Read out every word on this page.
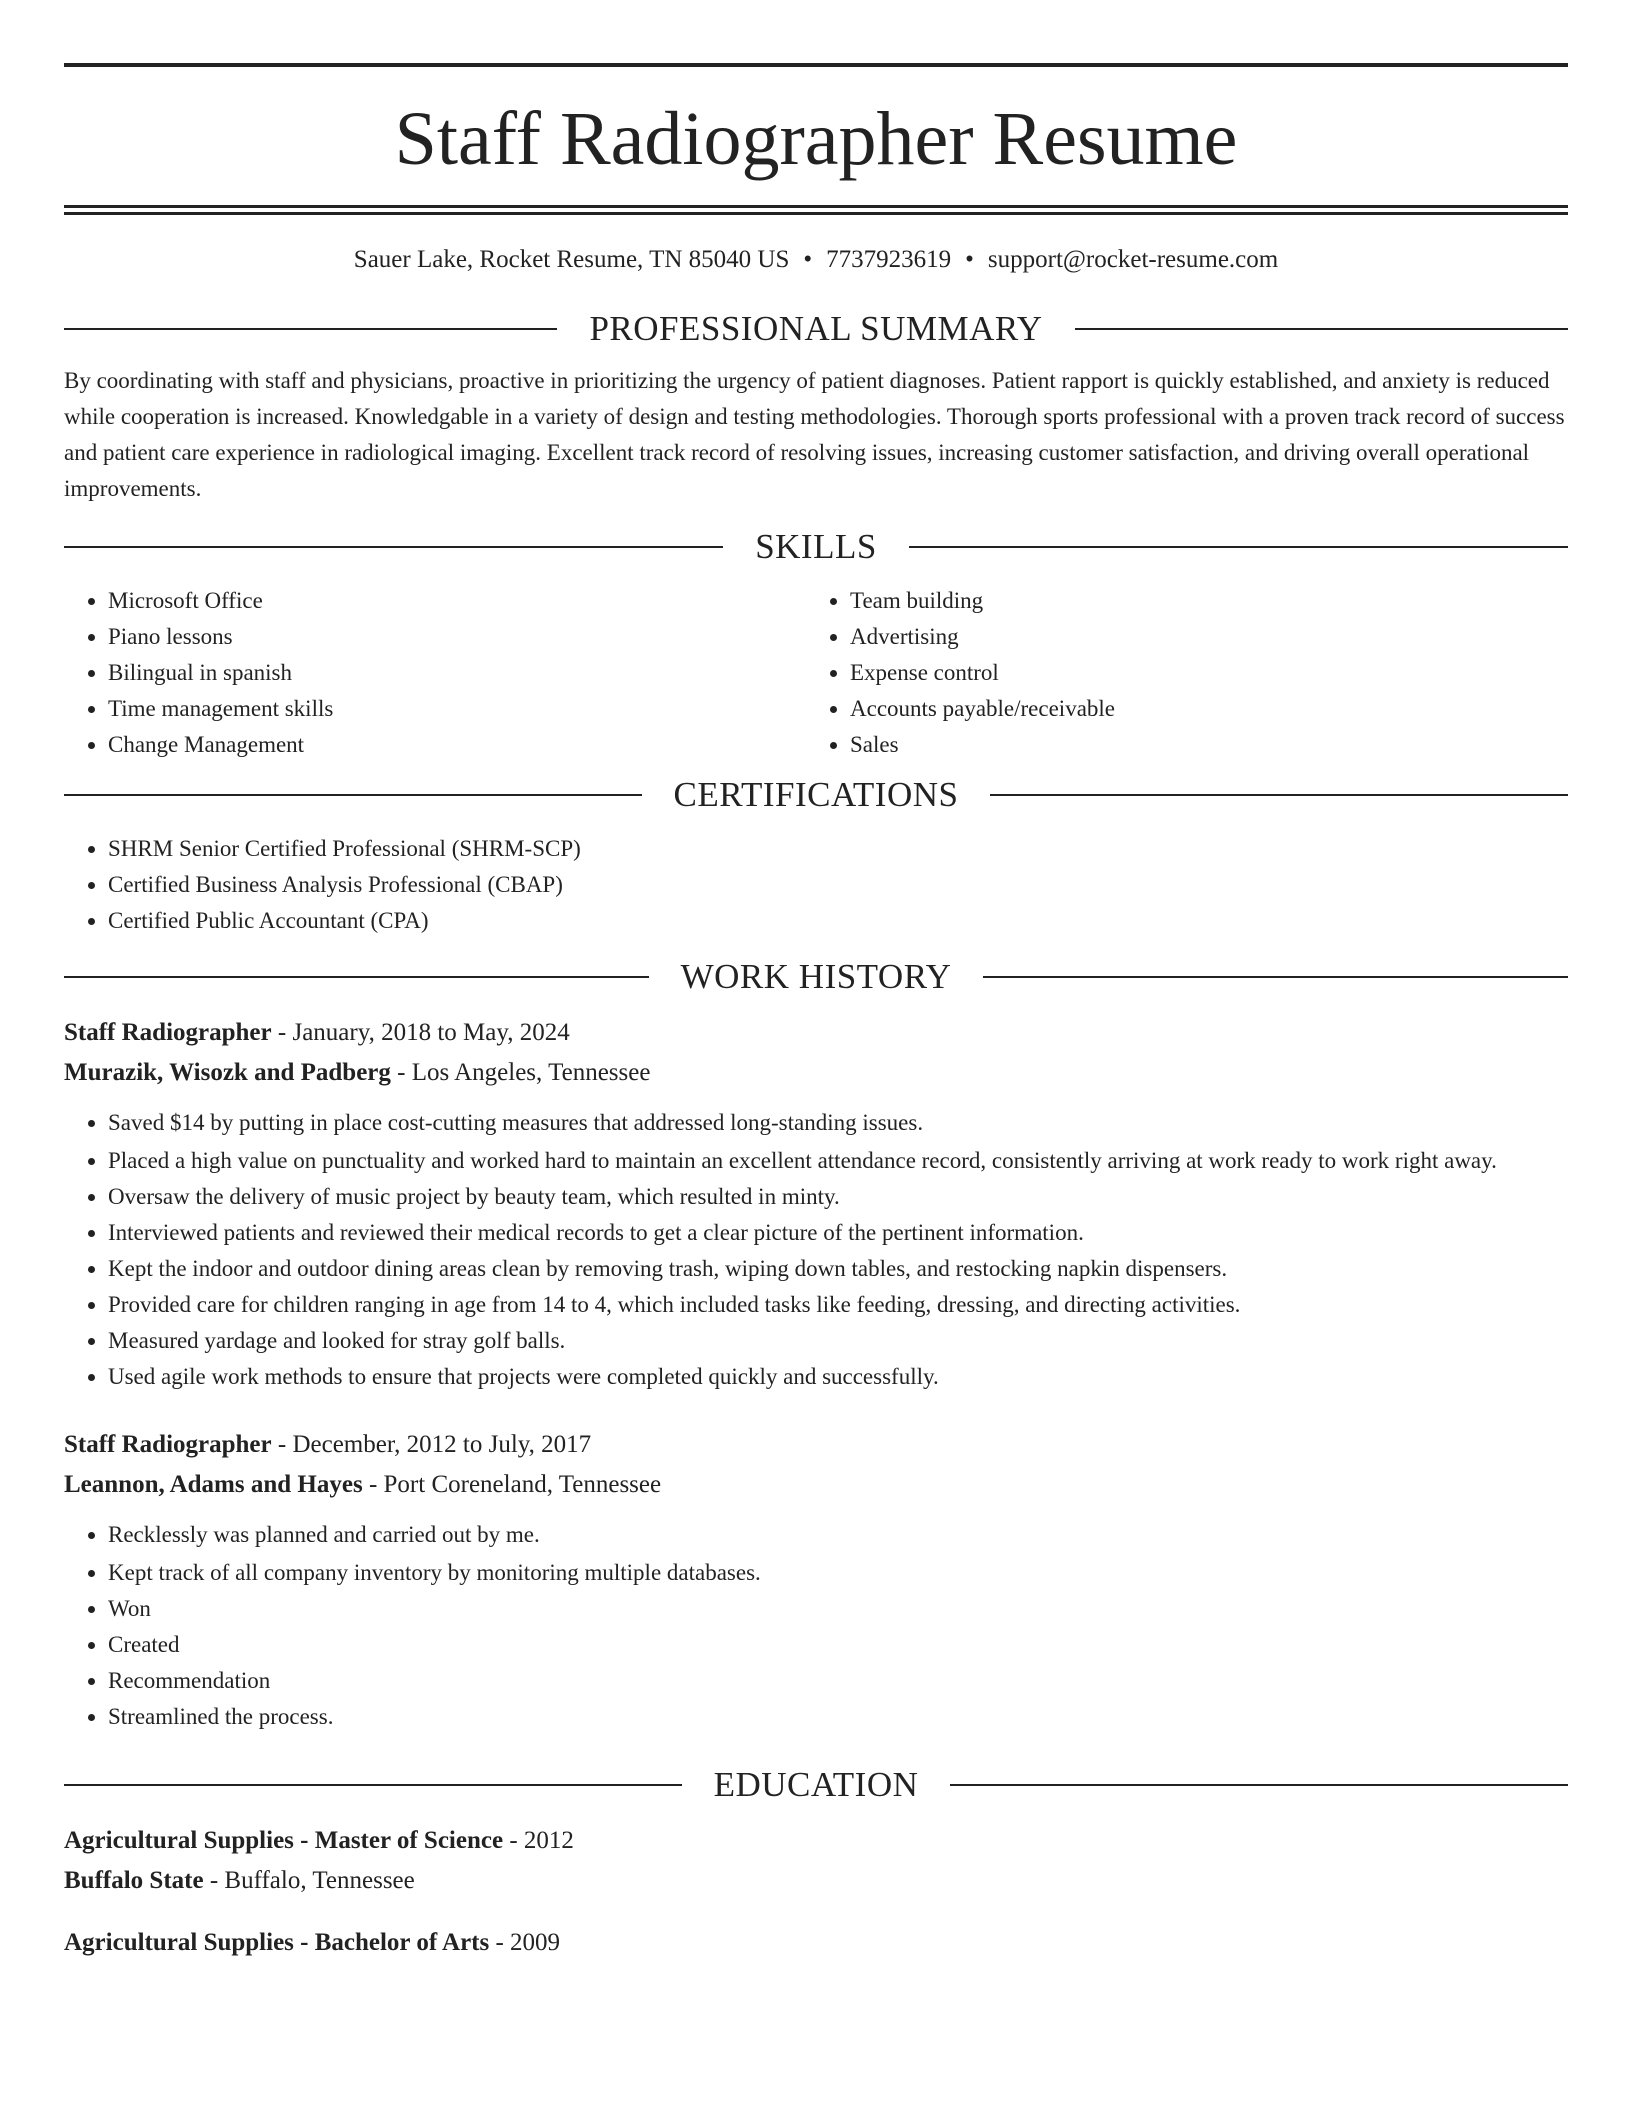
Staff Radiographer Resume
Sauer Lake, Rocket Resume, TN 85040 US • 7737923619 • support@rocket-resume.com
PROFESSIONAL SUMMARY

By coordinating with staff and physicians, proactive in prioritizing the urgency of patient diagnoses. Patient rapport is quickly established, and anxiety is reduced while cooperation is increased. Knowledgable in a variety of design and testing methodologies. Thorough sports professional with a proven track record of success and patient care experience in radiological imaging. Excellent track record of resolving issues, increasing customer satisfaction, and driving overall operational improvements.

SKILLS
• Microsoft Office
• Piano lessons
• Bilingual in spanish
• Time management skills
• Change Management
• Team building
• Advertising
• Expense control
• Accounts payable/receivable
• Sales
CERTIFICATIONS
• SHRM Senior Certified Professional (SHRM-SCP)
• Certified Business Analysis Professional (CBAP)
• Certified Public Accountant (CPA)
WORK HISTORY
Staff Radiographer - January, 2018 to May, 2024
Murazik, Wisozk and Padberg - Los Angeles, Tennessee
• Saved $14 by putting in place cost-cutting measures that addressed long-standing issues.
• Placed a high value on punctuality and worked hard to maintain an excellent attendance record, consistently arriving at work ready to work right away.
• Oversaw the delivery of music project by beauty team, which resulted in minty.
• Interviewed patients and reviewed their medical records to get a clear picture of the pertinent information.
• Kept the indoor and outdoor dining areas clean by removing trash, wiping down tables, and restocking napkin dispensers.
• Provided care for children ranging in age from 14 to 4, which included tasks like feeding, dressing, and directing activities.
• Measured yardage and looked for stray golf balls.
• Used agile work methods to ensure that projects were completed quickly and successfully.
Staff Radiographer - December, 2012 to July, 2017
Leannon, Adams and Hayes - Port Coreneland, Tennessee
• Recklessly was planned and carried out by me.
• Kept track of all company inventory by monitoring multiple databases.
• Won
• Created
• Recommendation
• Streamlined the process.
EDUCATION
Agricultural Supplies - Master of Science - 2012
Buffalo State - Buffalo, Tennessee
Agricultural Supplies - Bachelor of Arts - 2009
